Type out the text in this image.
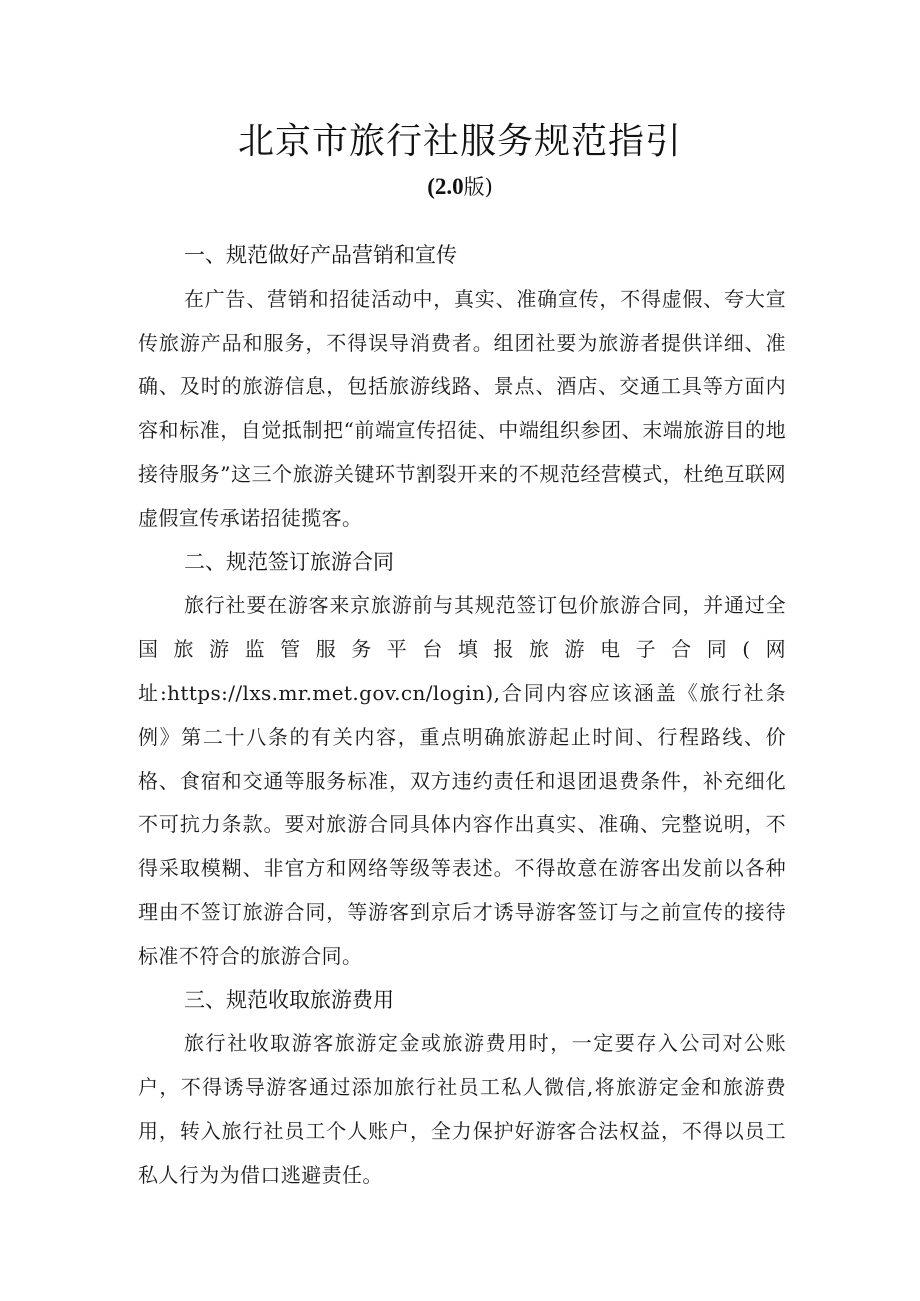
北京市旅行社服务规范指引
(2.0版)
一、规范做好产品营销和宣传

在广告、营销和招徒活动中，真实、准确宣传，不得虚假、夸大宣传旅游产品和服务，不得误导消费者。组团社要为旅游者提供详细、准确、及时的旅游信息，包括旅游线路、景点、酒店、交通工具等方面内容和标准，自觉抵制把“前端宣传招徒、中端组织参团、末端旅游目的地接待服务”这三个旅游关键环节割裂开来的不规范经营模式，杜绝互联网虚假宣传承诺招徒揽客。

二、规范签订旅游合同

旅行社要在游客来京旅游前与其规范签订包价旅游合同，并通过全国旅游监管服务平台填报旅游电子合同(网址:https://lxs.mr.met.gov.cn/login),合同内容应该涵盖《旅行社条例》第二十八条的有关内容，重点明确旅游起止时间、行程路线、价格、食宿和交通等服务标准，双方违约责任和退团退费条件，补充细化不可抗力条款。要对旅游合同具体内容作出真实、准确、完整说明，不得采取模糊、非官方和网络等级等表述。不得故意在游客出发前以各种理由不签订旅游合同，等游客到京后才诱导游客签订与之前宣传的接待标准不符合的旅游合同。

三、规范收取旅游费用

旅行社收取游客旅游定金或旅游费用时，一定要存入公司对公账户，不得诱导游客通过添加旅行社员工私人微信,将旅游定金和旅游费用，转入旅行社员工个人账户，全力保护好游客合法权益，不得以员工私人行为为借口逃避责任。
